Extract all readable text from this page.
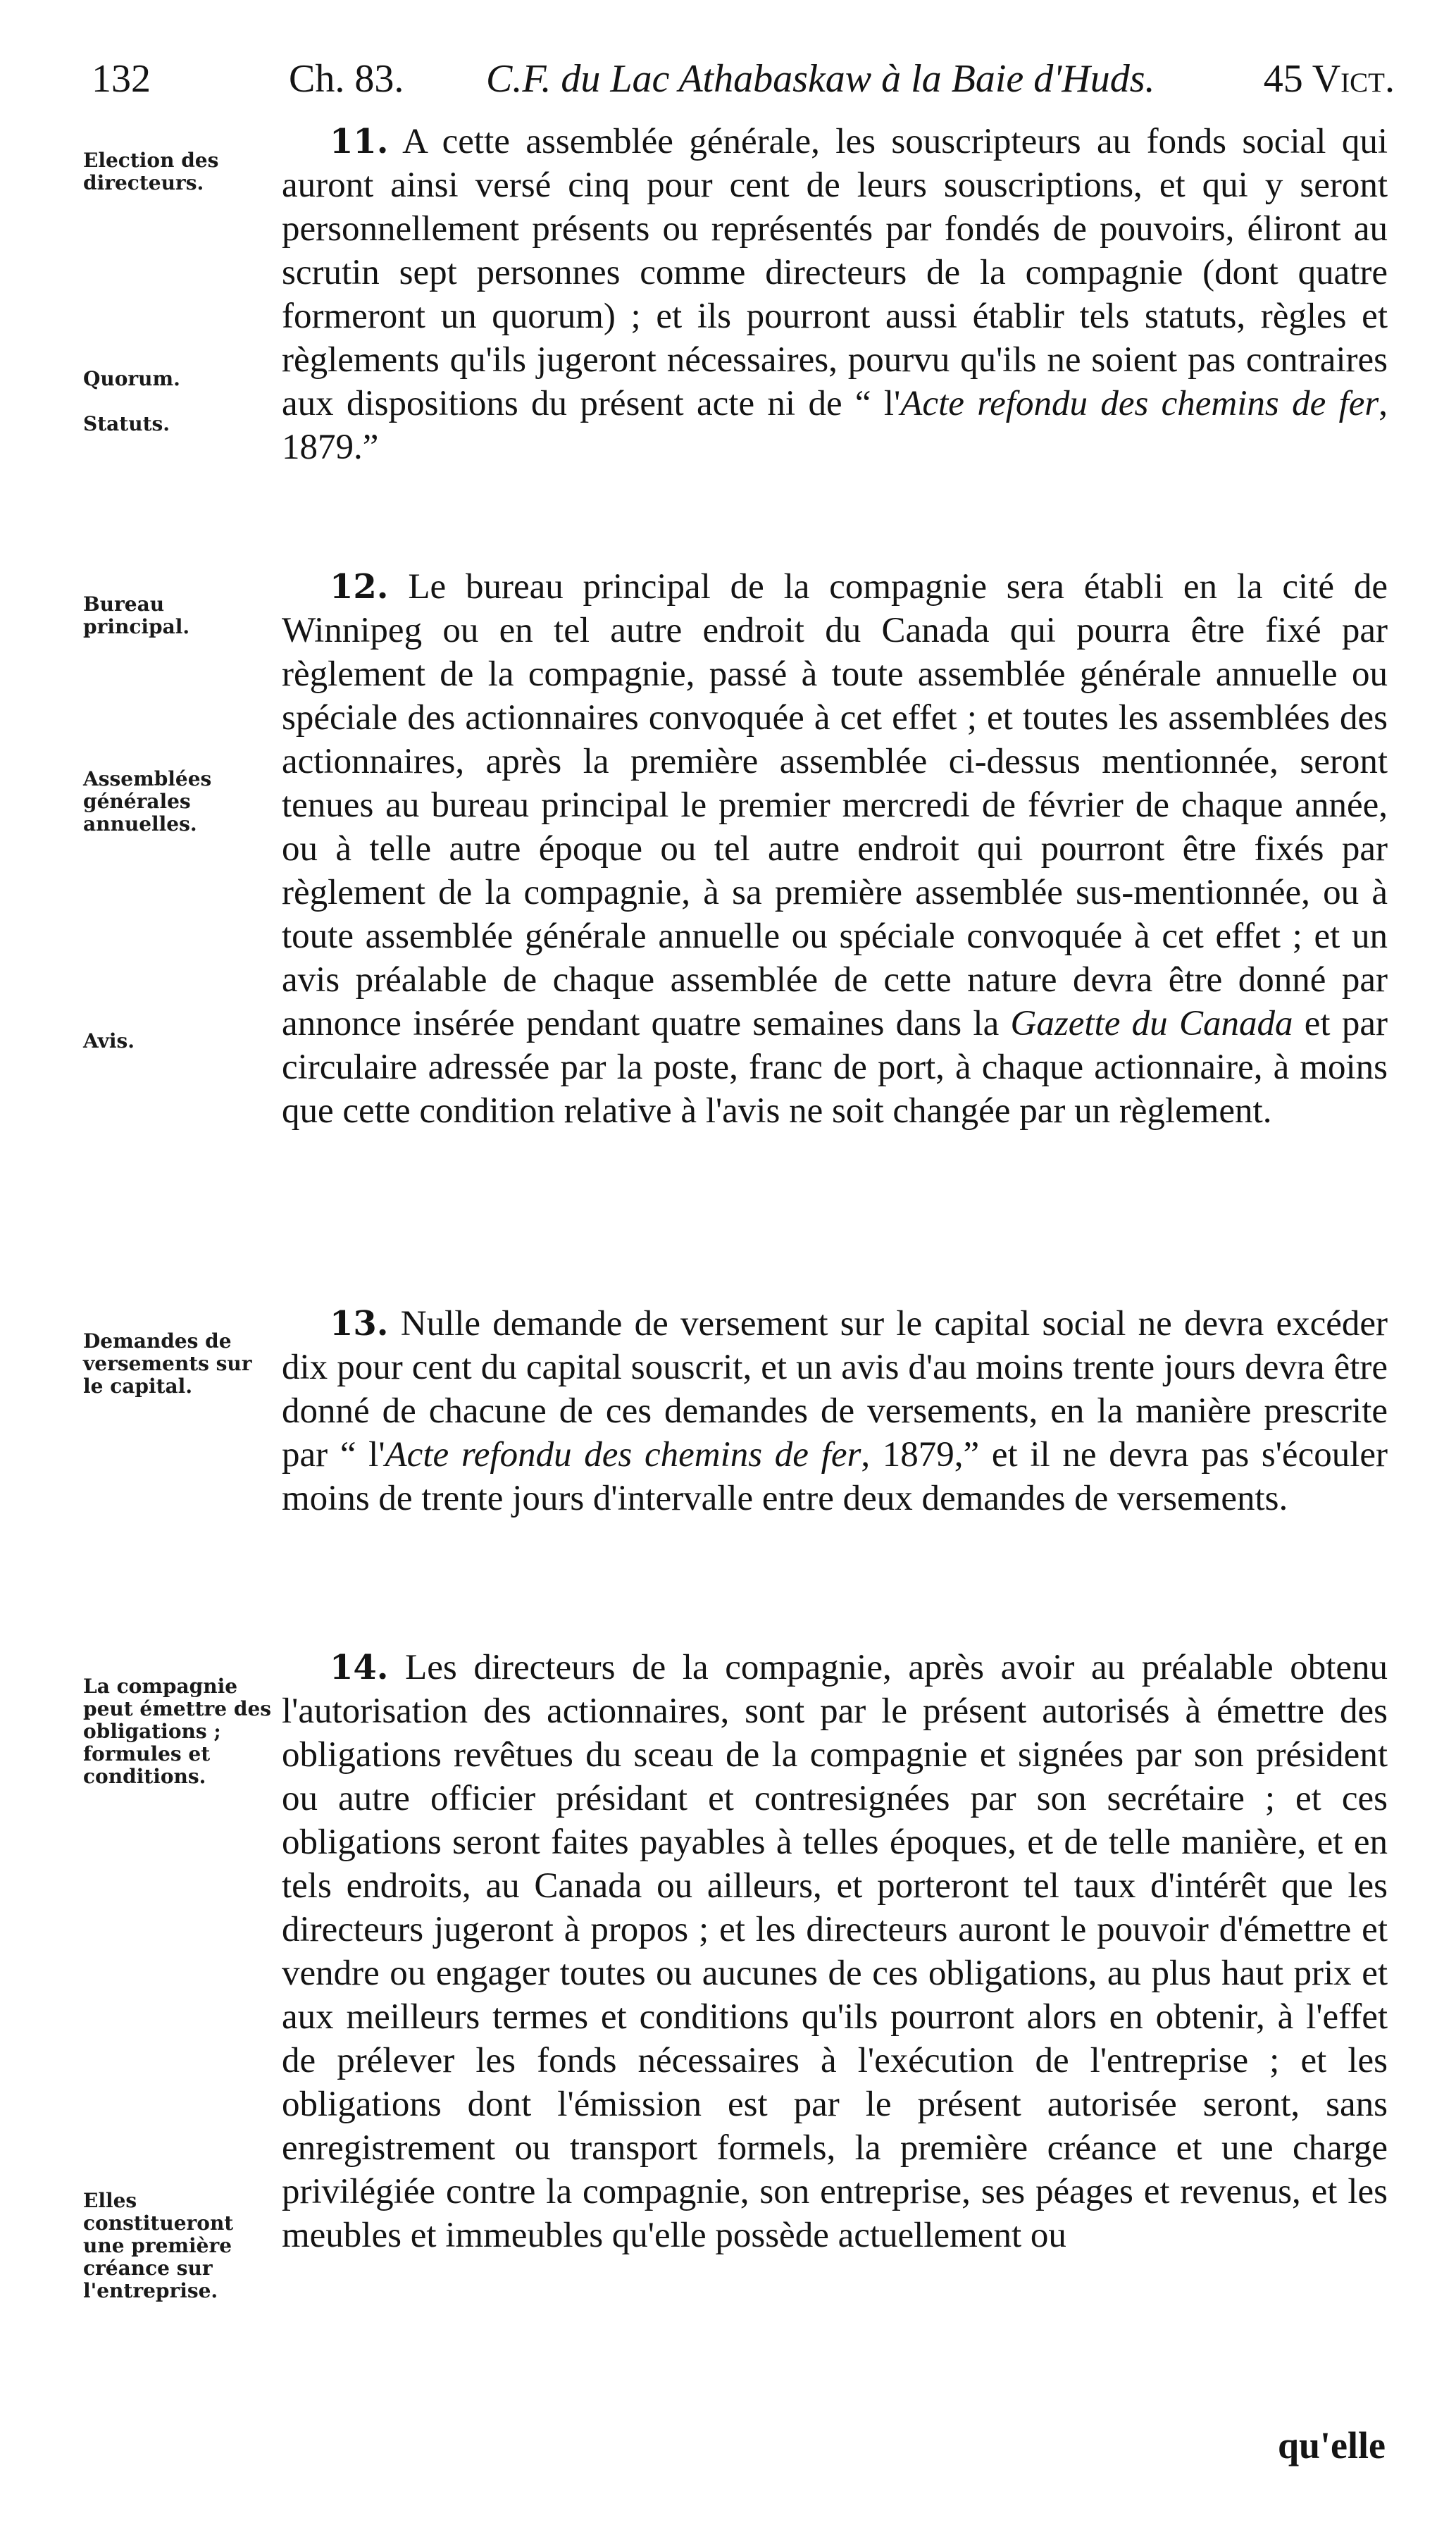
132	Ch. 83. C.F. du Lac Athabaskaw à la Baie d'Huds.	45 Vict.
Election des directeurs.
Quorum.
Statuts.

11. A cette assemblée générale, les souscripteurs au fonds social qui auront ainsi versé cinq pour cent de leurs souscriptions, et qui y seront personnellement présents ou représentés par fondés de pouvoirs, éliront au scrutin sept personnes comme directeurs de la compagnie (dont quatre formeront un quorum) ; et ils pourront aussi établir tels statuts, règles et règlements qu'ils jugeront nécessaires, pourvu qu'ils ne soient pas contraires aux dispositions du présent acte ni de “ l'Acte refondu des chemins de fer, 1879.”

Bureau principal.
Assemblées générales annuelles.
Avis.

12. Le bureau principal de la compagnie sera établi en la cité de Winnipeg ou en tel autre endroit du Canada qui pourra être fixé par règlement de la compagnie, passé à toute assemblée générale annuelle ou spéciale des actionnaires convoquée à cet effet ; et toutes les assemblées des actionnaires, après la première assemblée ci-dessus mentionnée, seront tenues au bureau principal le premier mercredi de février de chaque année, ou à telle autre époque ou tel autre endroit qui pourront être fixés par règlement de la compagnie, à sa première assemblée sus-mentionnée, ou à toute assemblée générale annuelle ou spéciale convoquée à cet effet ; et un avis préalable de chaque assemblée de cette nature devra être donné par annonce insérée pendant quatre semaines dans la Gazette du Canada et par circulaire adressée par la poste, franc de port, à chaque actionnaire, à moins que cette condition relative à l'avis ne soit changée par un règlement.

Demandes de versements sur le capital.

13. Nulle demande de versement sur le capital social ne devra excéder dix pour cent du capital souscrit, et un avis d'au moins trente jours devra être donné de chacune de ces demandes de versements, en la manière prescrite par “ l'Acte refondu des chemins de fer, 1879,” et il ne devra pas s'écouler moins de trente jours d'intervalle entre deux demandes de versements.

La compagnie peut émettre des obligations ; formules et conditions.
Elles constitueront une première créance sur l'entreprise.

14. Les directeurs de la compagnie, après avoir au préalable obtenu l'autorisation des actionnaires, sont par le présent autorisés à émettre des obligations revêtues du sceau de la compagnie et signées par son président ou autre officier présidant et contresignées par son secrétaire ; et ces obligations seront faites payables à telles époques, et de telle manière, et en tels endroits, au Canada ou ailleurs, et porteront tel taux d'intérêt que les directeurs jugeront à propos ; et les directeurs auront le pouvoir d'émettre et vendre ou engager toutes ou aucunes de ces obligations, au plus haut prix et aux meilleurs termes et conditions qu'ils pourront alors en obtenir, à l'effet de prélever les fonds nécessaires à l'exécution de l'entreprise ; et les obligations dont l'émission est par le présent autorisée seront, sans enregistrement ou transport formels, la première créance et une charge privilégiée contre la compagnie, son entreprise, ses péages et revenus, et les meubles et immeubles qu'elle possède actuellement ou

qu'elle
